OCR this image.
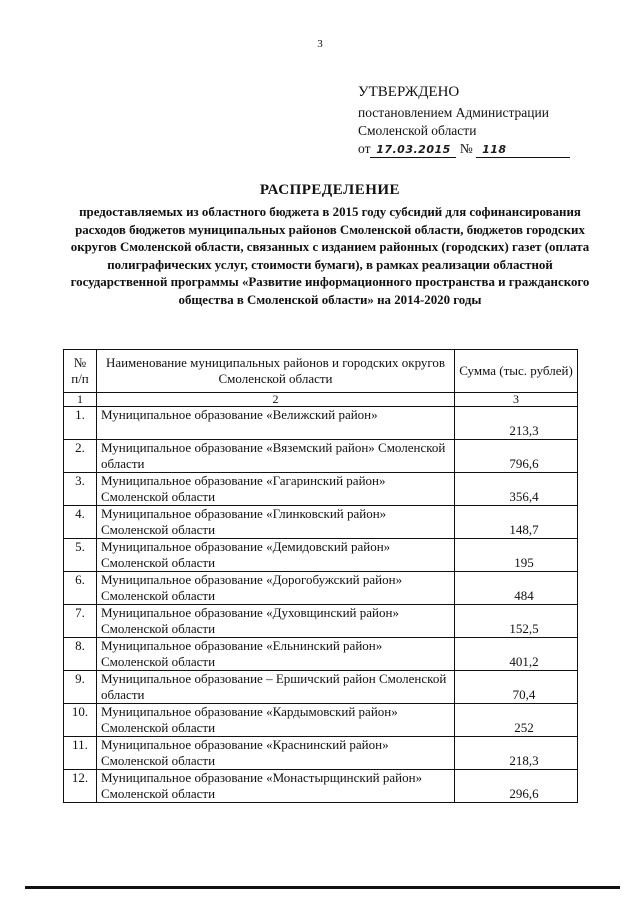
3
УТВЕРЖДЕНО
постановлением Администрации
Смоленской области
от 17.03.2015 № 118
РАСПРЕДЕЛЕНИЕ
предоставляемых из областного бюджета в 2015 году субсидий для софинансирования расходов бюджетов муниципальных районов Смоленской области, бюджетов городских округов Смоленской области, связанных с изданием районных (городских) газет (оплата полиграфических услуг, стоимости бумаги), в рамках реализации областной государственной программы «Развитие информационного пространства и гражданского общества в Смоленской области» на 2014-2020 годы
№ п/п	Наименование муниципальных районов и городских округов Смоленской области	Сумма (тыс. рублей)
1	2	3
1.	Муниципальное образование «Велижский район»	213,3
2.	Муниципальное образование «Вяземский район» Смоленской области	796,6
3.	Муниципальное образование «Гагаринский район» Смоленской области	356,4
4.	Муниципальное образование «Глинковский район» Смоленской области	148,7
5.	Муниципальное образование «Демидовский район» Смоленской области	195
6.	Муниципальное образование «Дорогобужский район» Смоленской области	484
7.	Муниципальное образование «Духовщинский район» Смоленской области	152,5
8.	Муниципальное образование «Ельнинский район» Смоленской области	401,2
9.	Муниципальное образование – Ершичский район Смоленской области	70,4
10.	Муниципальное образование «Кардымовский район» Смоленской области	252
11.	Муниципальное образование «Краснинский район» Смоленской области	218,3
12.	Муниципальное образование «Монастырщинский район» Смоленской области	296,6
